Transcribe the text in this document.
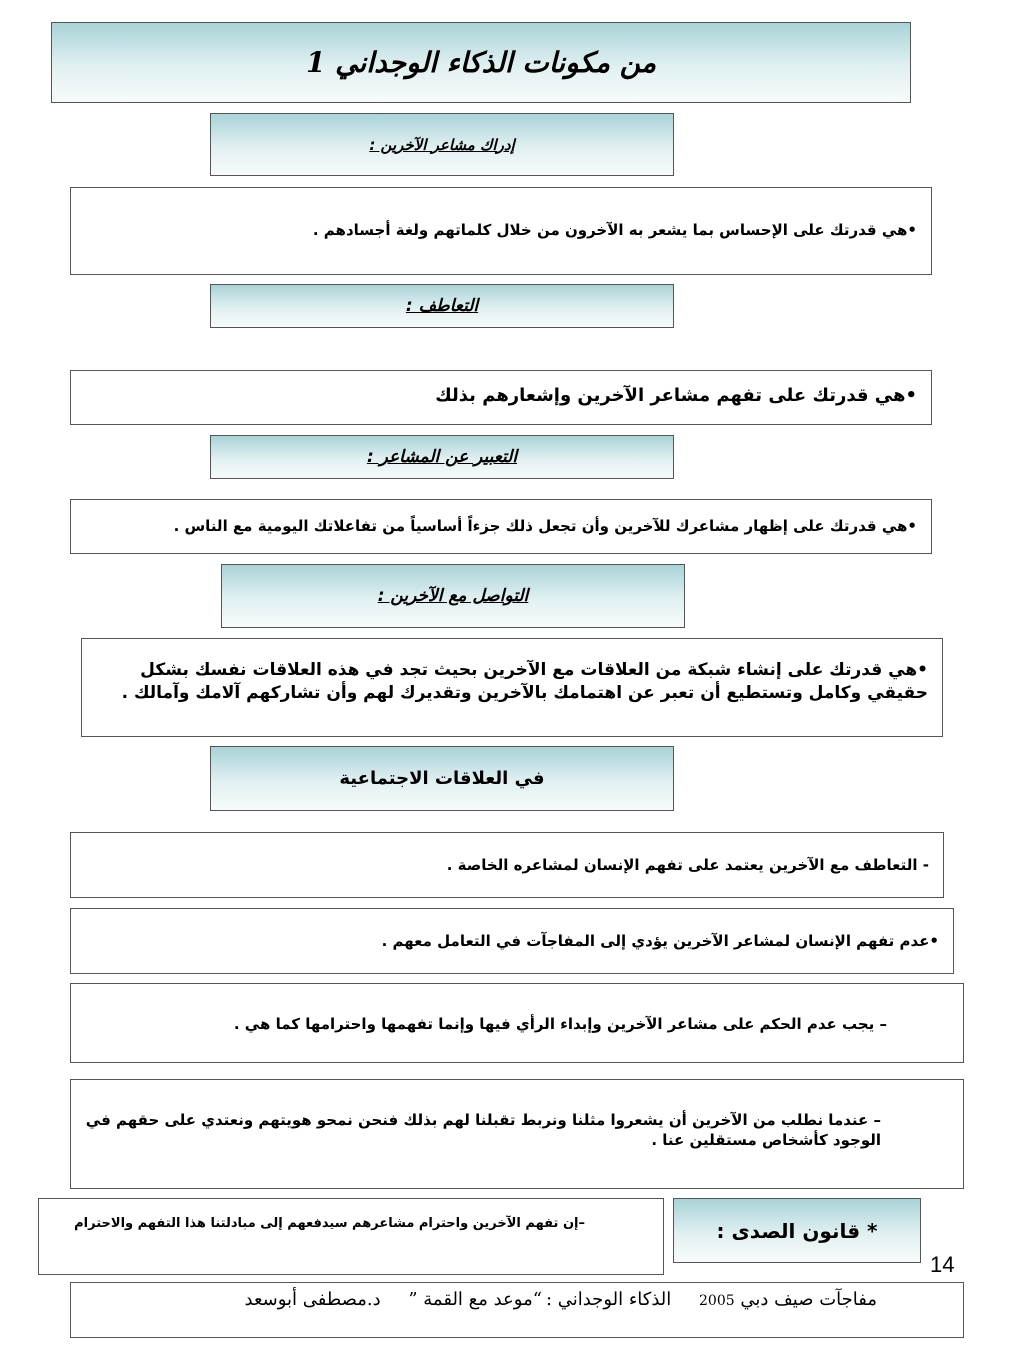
من مكونات الذكاء الوجداني 1
إدراك مشاعر الآخرين :
•هي قدرتك على الإحساس بما يشعر به الآخرون من خلال كلماتهم ولغة أجسادهم .
التعاطف :
•هي قدرتك على تفهم مشاعر الآخرين وإشعارهم بذلك
التعبير عن المشاعر :
•هي قدرتك على إظهار مشاعرك للآخرين وأن تجعل ذلك جزءاً أساسياً من تفاعلاتك اليومية مع الناس .
التواصل مع الآخرين :
•هي قدرتك على إنشاء شبكة من العلاقات مع الآخرين بحيث تجد في هذه العلاقات نفسك بشكل حقيقي وكامل وتستطيع أن تعبر عن اهتمامك بالآخرين وتقديرك لهم وأن تشاركهم آلامك وآمالك .
في العلاقات الاجتماعية
- التعاطف مع الآخرين يعتمد على تفهم الإنسان لمشاعره الخاصة .
•عدم تفهم الإنسان لمشاعر الآخرين يؤدي إلى المفاجآت في التعامل معهم .
– يجب عدم الحكم على مشاعر الآخرين وإبداء الرأي فيها وإنما تفهمها واحترامها كما هي .
– عندما نطلب من الآخرين أن يشعروا مثلنا ونربط تقبلنا لهم بذلك فنحن نمحو هويتهم ونعتدي على حقهم في الوجود كأشخاص مستقلين عنا .
–إن تفهم الآخرين واحترام مشاعرهم سيدفعهم إلى مبادلتنا هذا التفهم والاحترام	* قانون الصدى :
14
مفاجآت صيف دبي 2005 الذكاء الوجداني :“موعد مع القمة ” د.مصطفى أبوسعد
